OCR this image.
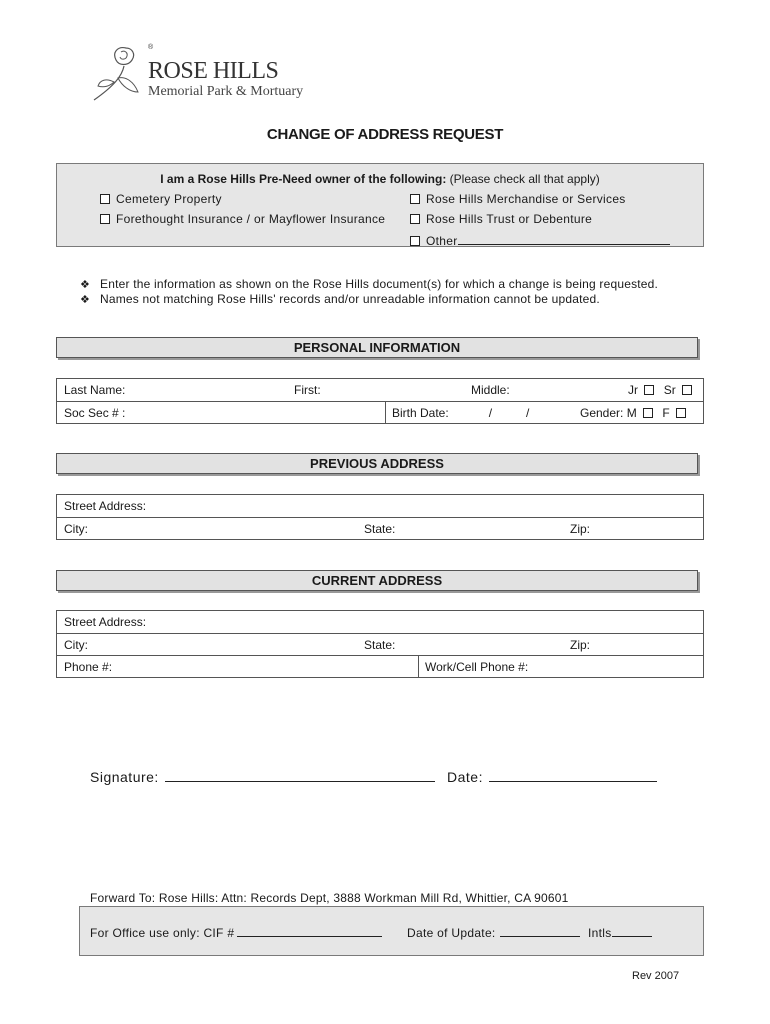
®
ROSE HILLS
Memorial Park & Mortuary
CHANGE OF ADDRESS REQUEST
I am a Rose Hills Pre-Need owner of the following: (Please check all that apply)
Cemetery Property	Rose Hills Merchandise or Services
Forethought Insurance / or Mayflower Insurance	Rose Hills Trust or Debenture
Other
❖ Enter the information as shown on the Rose Hills document(s) for which a change is being requested.
❖ Names not matching Rose Hills' records and/or unreadable information cannot be updated.
PERSONAL INFORMATION
Last Name:	First:	Middle:	Jr Sr
Soc Sec # :	Birth Date:	/	/	Gender: M F
PREVIOUS ADDRESS
Street Address:
City:	State:	Zip:
CURRENT ADDRESS
Street Address:
City:	State:	Zip:
Phone #:	Work/Cell Phone #:
Signature:	Date:
Forward To: Rose Hills: Attn: Records Dept, 3888 Workman Mill Rd, Whittier, CA 90601
For Office use only: CIF #	Date of Update:	Intls
Rev 2007
